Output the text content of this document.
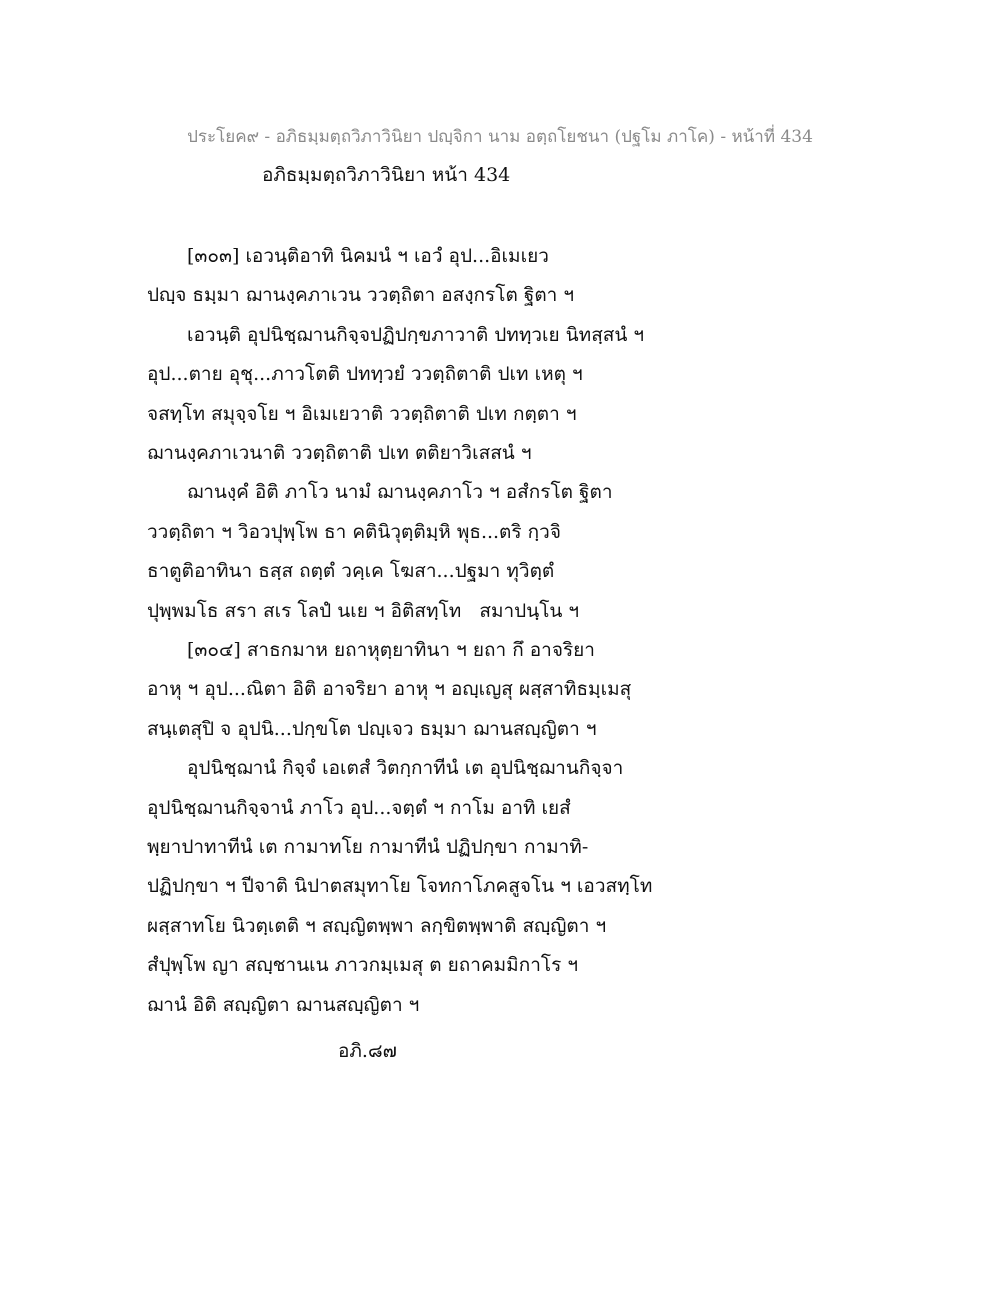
ประโยค๙ - อภิธมฺมตฺถวิภาวินิยา ปญฺจิกา นาม อตฺถโยชนา (ปฐโม ภาโค) - หน้าที่ 434
อภิธมฺมตฺถวิภาวินิยา หน้า 434
[๓๐๓] เอวนฺติอาทิ นิคมนํ ฯ เอวํ อุป...อิเมเยว
ปญฺจ ธมฺมา ฌานงฺคภาเวน ววตฺถิตา อสงฺกรโต ฐิตา ฯ
เอวนฺติ อุปนิชฺฌานกิจฺจปฏิปกฺขภาวาติ ปททฺวเย นิทสฺสนํ ฯ
อุป...ตาย อุชุ...ภาวโตติ ปททฺวยํ ววตฺถิตาติ ปเท เหตุ ฯ
จสทฺโท สมุจฺจโย ฯ อิเมเยวาติ ววตฺถิตาติ ปเท กตฺตา ฯ
ฌานงฺคภาเวนาติ ววตฺถิตาติ ปเท ตติยาวิเสสนํ ฯ
ฌานงฺคํ อิติ ภาโว นามํ ฌานงฺคภาโว ฯ อสํกรโต ฐิตา
ววตฺถิตา ฯ วิอวปุพฺโพ ธา คตินิวุตฺติมฺหิ พุธ...ตริ กฺวจิ
ธาตูติอาทินา ธสฺส ถตฺตํ วคฺเค โฆสา...ปฐมา ทุวิตฺตํ
ปุพฺพมโธ สรา สเร โลปํ นเย ฯ อิติสทฺโท   สมาปนฺโน ฯ
[๓๐๔] สาธกมาห ยถาหุตฺยาทินา ฯ ยถา กึ อาจริยา
อาหุ ฯ อุป...ณิตา อิติ อาจริยา อาหุ ฯ อญฺเญสุ ผสฺสาทิธมฺเมสุ
สนฺเตสุปิ จ อุปนิ...ปกฺขโต ปญฺเจว ธมฺมา ฌานสญฺญิตา ฯ
อุปนิชฺฌานํ กิจฺจํ เอเตสํ วิตกฺกาทีนํ เต อุปนิชฺฌานกิจฺจา
อุปนิชฺฌานกิจฺจานํ ภาโว อุป...จตฺตํ ฯ กาโม อาทิ เยสํ
พฺยาปาทาทีนํ เต กามาทโย กามาทีนํ ปฏิปกฺขา กามาทิ-
ปฏิปกฺขา ฯ ปีจาติ นิปาตสมุทาโย โจทกาโภคสูจโน ฯ เอวสทฺโท
ผสฺสาทโย นิวตฺเตติ ฯ สญฺญิตพฺพา ลกฺขิตพฺพาติ สญฺญิตา ฯ
สํปุพฺโพ ญา สญฺชานเน ภาวกมฺเมสุ ต ยถาคมมิกาโร ฯ
ฌานํ อิติ สญฺญิตา ฌานสญฺญิตา ฯ
อภิ.๘๗
